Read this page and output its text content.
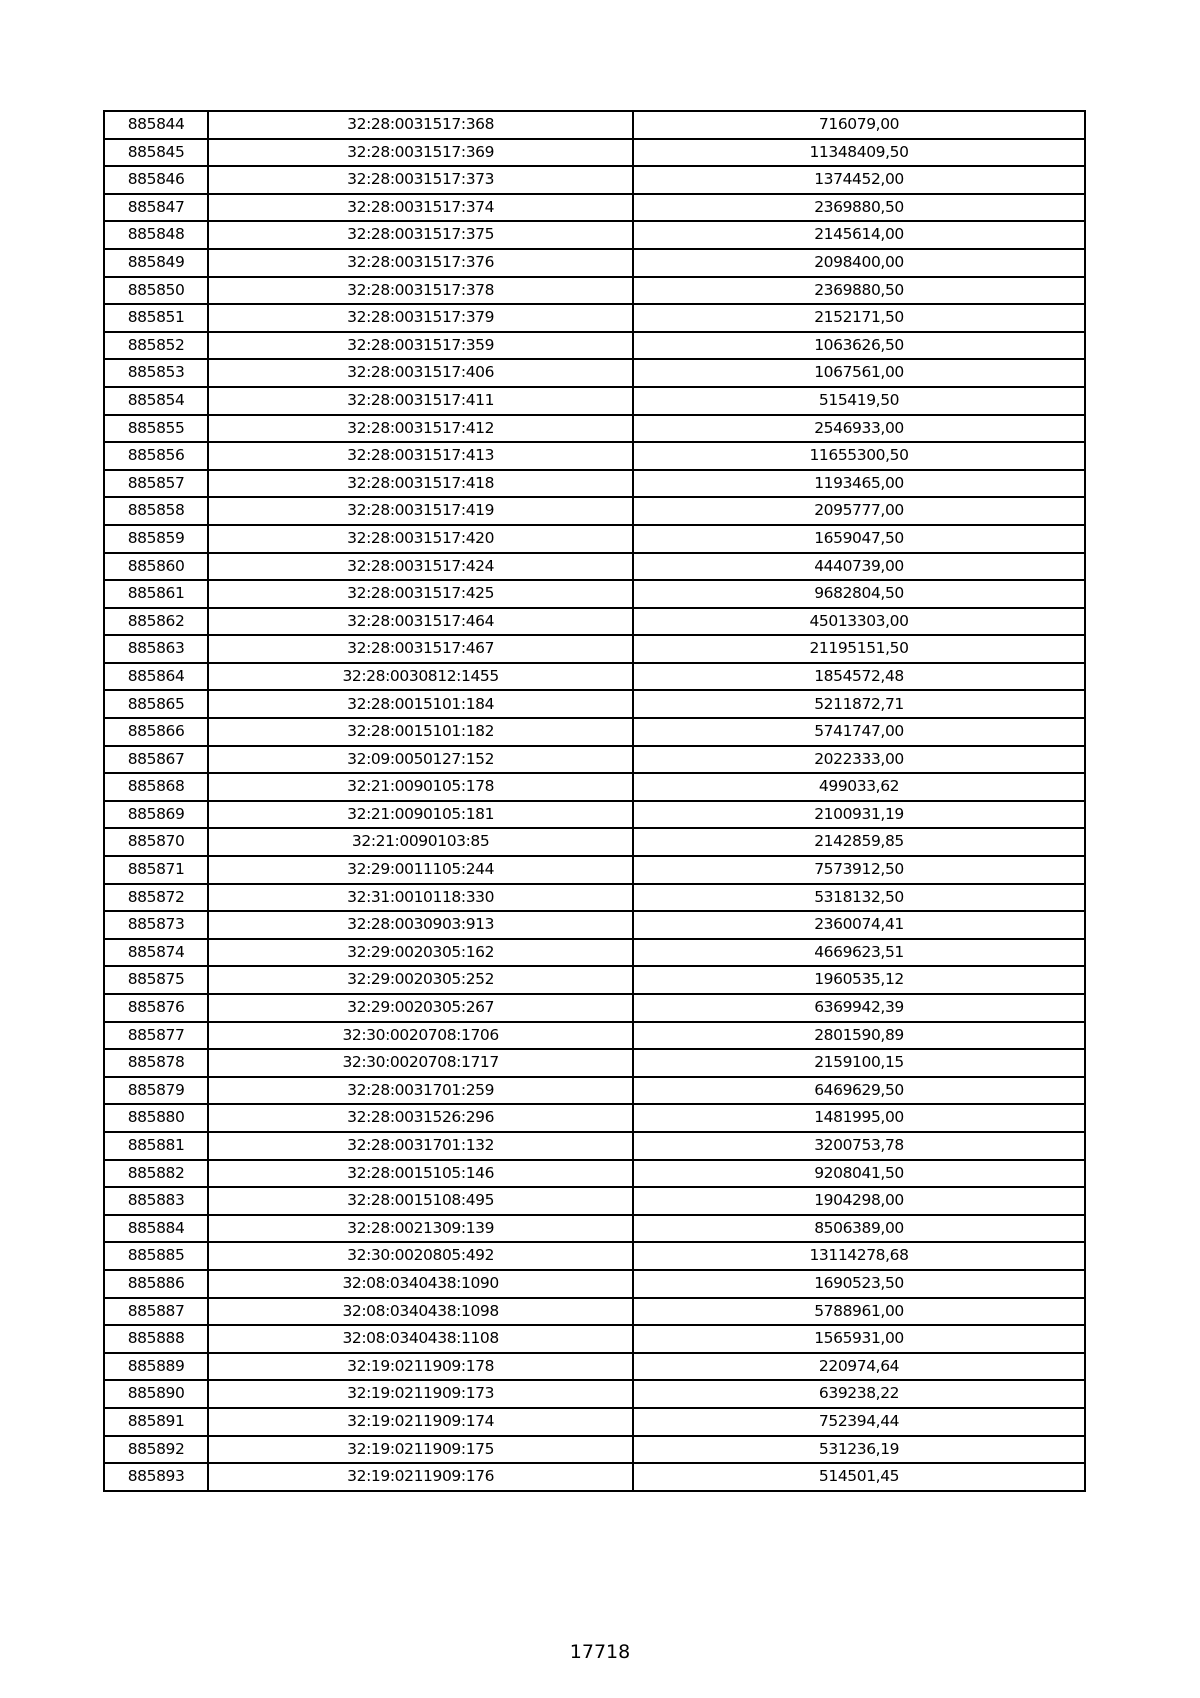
885844	32:28:0031517:368	716079,00
885845	32:28:0031517:369	11348409,50
885846	32:28:0031517:373	1374452,00
885847	32:28:0031517:374	2369880,50
885848	32:28:0031517:375	2145614,00
885849	32:28:0031517:376	2098400,00
885850	32:28:0031517:378	2369880,50
885851	32:28:0031517:379	2152171,50
885852	32:28:0031517:359	1063626,50
885853	32:28:0031517:406	1067561,00
885854	32:28:0031517:411	515419,50
885855	32:28:0031517:412	2546933,00
885856	32:28:0031517:413	11655300,50
885857	32:28:0031517:418	1193465,00
885858	32:28:0031517:419	2095777,00
885859	32:28:0031517:420	1659047,50
885860	32:28:0031517:424	4440739,00
885861	32:28:0031517:425	9682804,50
885862	32:28:0031517:464	45013303,00
885863	32:28:0031517:467	21195151,50
885864	32:28:0030812:1455	1854572,48
885865	32:28:0015101:184	5211872,71
885866	32:28:0015101:182	5741747,00
885867	32:09:0050127:152	2022333,00
885868	32:21:0090105:178	499033,62
885869	32:21:0090105:181	2100931,19
885870	32:21:0090103:85	2142859,85
885871	32:29:0011105:244	7573912,50
885872	32:31:0010118:330	5318132,50
885873	32:28:0030903:913	2360074,41
885874	32:29:0020305:162	4669623,51
885875	32:29:0020305:252	1960535,12
885876	32:29:0020305:267	6369942,39
885877	32:30:0020708:1706	2801590,89
885878	32:30:0020708:1717	2159100,15
885879	32:28:0031701:259	6469629,50
885880	32:28:0031526:296	1481995,00
885881	32:28:0031701:132	3200753,78
885882	32:28:0015105:146	9208041,50
885883	32:28:0015108:495	1904298,00
885884	32:28:0021309:139	8506389,00
885885	32:30:0020805:492	13114278,68
885886	32:08:0340438:1090	1690523,50
885887	32:08:0340438:1098	5788961,00
885888	32:08:0340438:1108	1565931,00
885889	32:19:0211909:178	220974,64
885890	32:19:0211909:173	639238,22
885891	32:19:0211909:174	752394,44
885892	32:19:0211909:175	531236,19
885893	32:19:0211909:176	514501,45
17718
